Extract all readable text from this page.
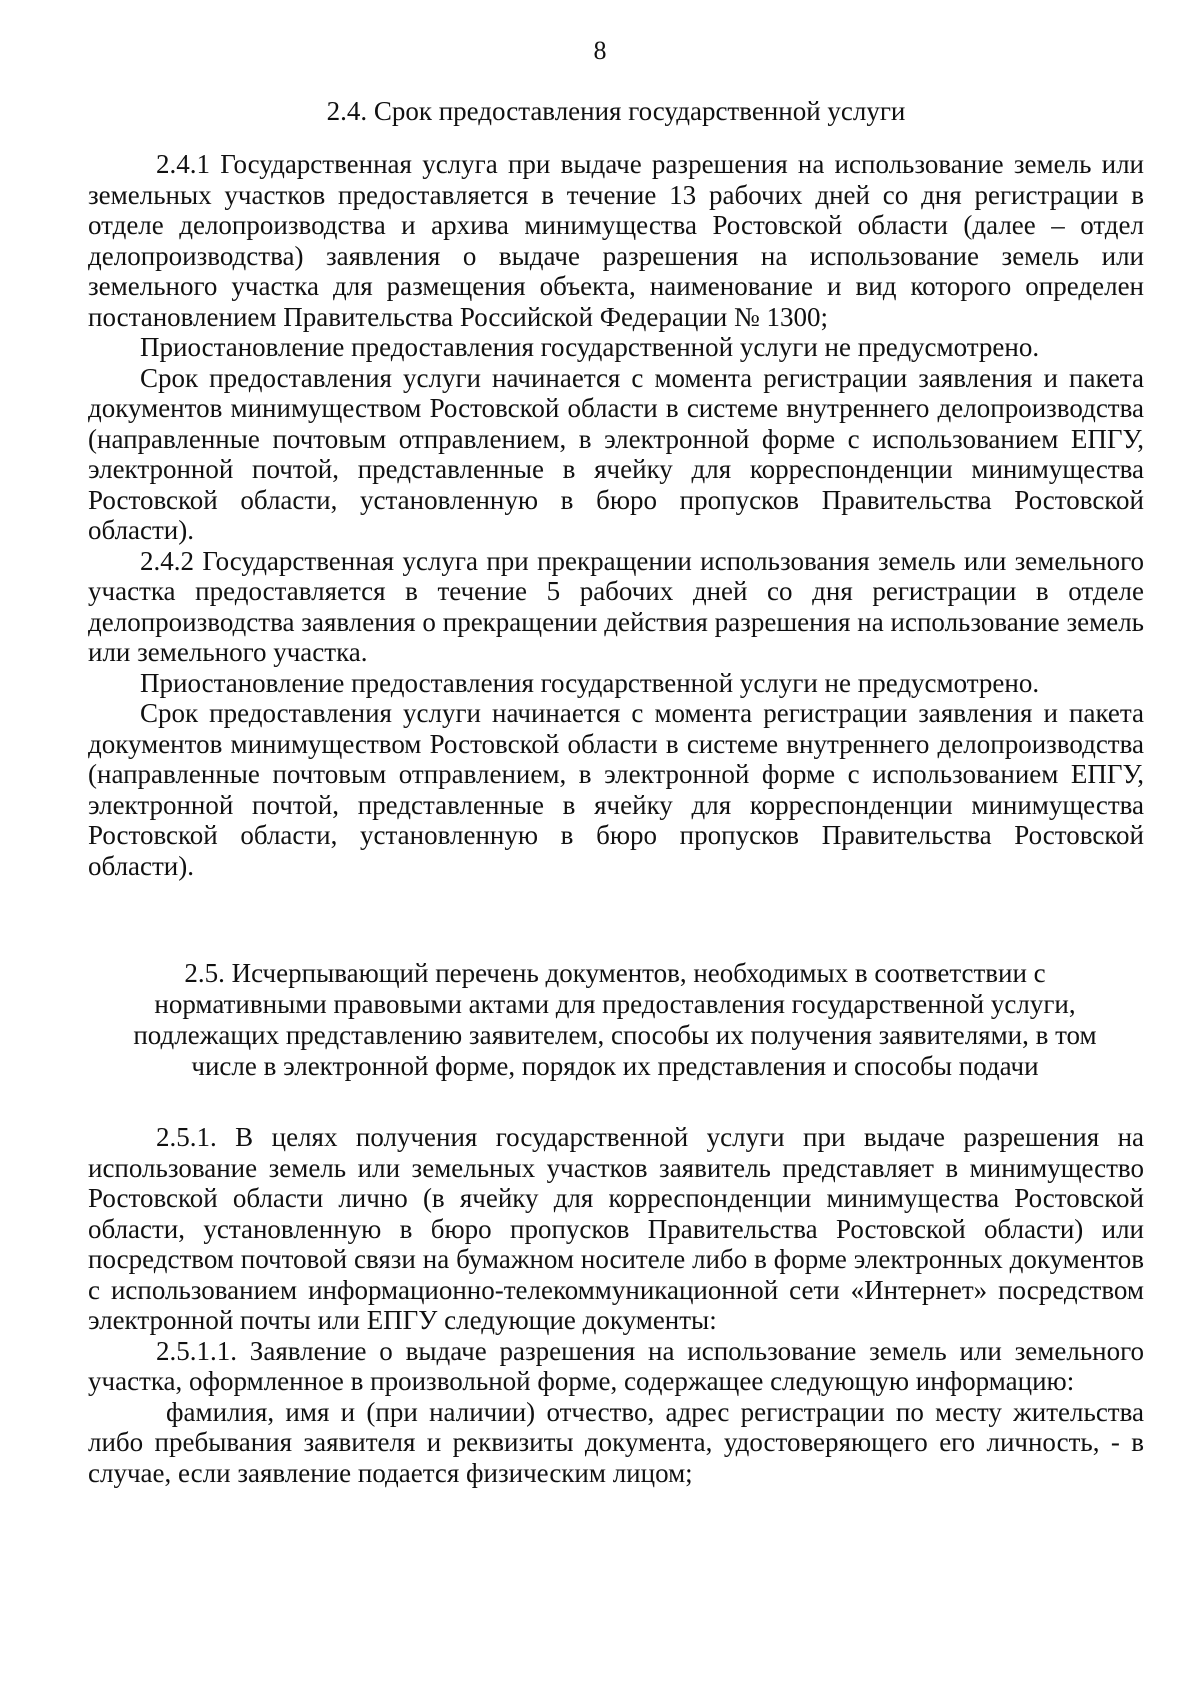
8
2.4. Срок предоставления государственной услуги

2.4.1 Государственная услуга при выдаче разрешения на использование земель или земельных участков предоставляется в течение 13 рабочих дней со дня регистрации в отделе делопроизводства и архива минимущества Ростовской области (далее – отдел делопроизводства) заявления о выдаче разрешения на использование земель или земельного участка для размещения объекта, наименование и вид которого определен постановлением Правительства Российской Федерации № 1300;

Приостановление предоставления государственной услуги не предусмотрено.

Срок предоставления услуги начинается с момента регистрации заявления и пакета документов минимуществом Ростовской области в системе внутреннего делопроизводства (направленные почтовым отправлением, в электронной форме с использованием ЕПГУ, электронной почтой, представленные в ячейку для корреспонденции минимущества Ростовской области, установленную в бюро пропусков Правительства Ростовской области).

2.4.2 Государственная услуга при прекращении использования земель или земельного участка предоставляется в течение 5 рабочих дней со дня регистрации в отделе делопроизводства заявления о прекращении действия разрешения на использование земель или земельного участка.

Приостановление предоставления государственной услуги не предусмотрено.

Срок предоставления услуги начинается с момента регистрации заявления и пакета документов минимуществом Ростовской области в системе внутреннего делопроизводства (направленные почтовым отправлением, в электронной форме с использованием ЕПГУ, электронной почтой, представленные в ячейку для корреспонденции минимущества Ростовской области, установленную в бюро пропусков Правительства Ростовской области).

2.5. Исчерпывающий перечень документов, необходимых в соответствии с нормативными правовыми актами для предоставления государственной услуги, подлежащих представлению заявителем, способы их получения заявителями, в том числе в электронной форме, порядок их представления и способы подачи

2.5.1. В целях получения государственной услуги при выдаче разрешения на использование земель или земельных участков заявитель представляет в минимущество Ростовской области лично (в ячейку для корреспонденции минимущества Ростовской области, установленную в бюро пропусков Правительства Ростовской области) или посредством почтовой связи на бумажном носителе либо в форме электронных документов с использованием информационно-телекоммуникационной сети «Интернет» посредством электронной почты или ЕПГУ следующие документы:

2.5.1.1. Заявление о выдаче разрешения на использование земель или земельного участка, оформленное в произвольной форме, содержащее следующую информацию:

фамилия, имя и (при наличии) отчество, адрес регистрации по месту жительства либо пребывания заявителя и реквизиты документа, удостоверяющего его личность, - в случае, если заявление подается физическим лицом;
